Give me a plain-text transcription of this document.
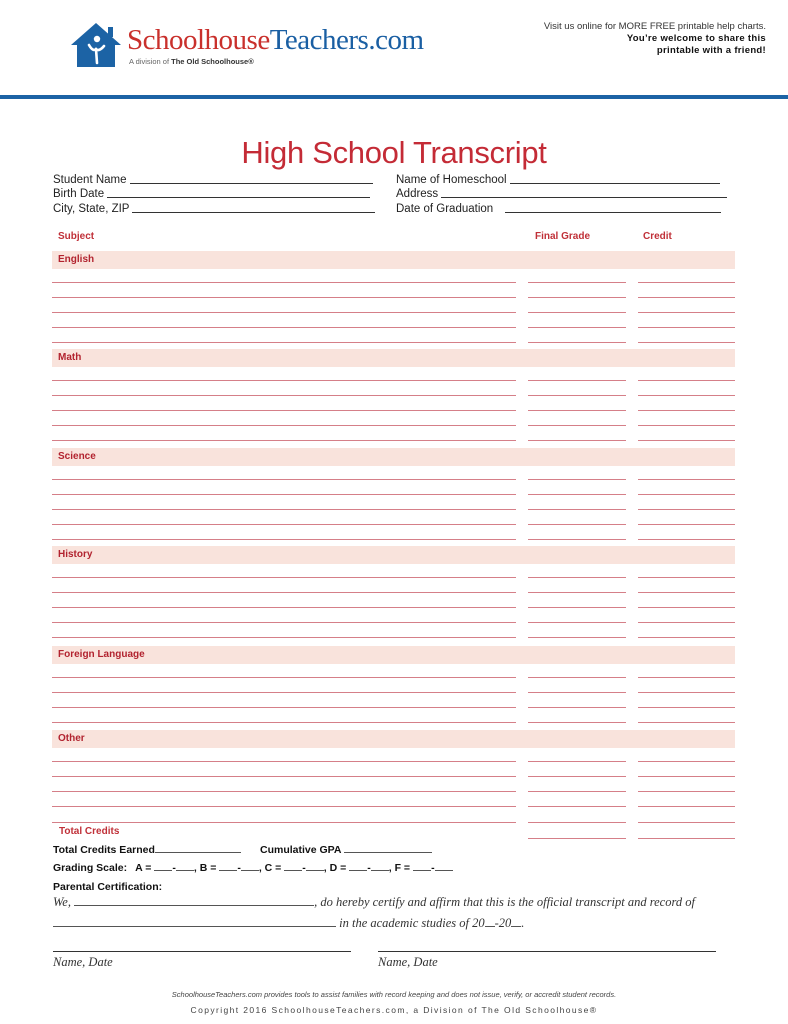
SchoolhouseTeachers.com
A division of The Old Schoolhouse®
Visit us online for MORE FREE printable help charts.
You’re welcome to share this
printable with a friend!
High School Transcript
Student Name
Birth Date
City, State, ZIP
Name of Homeschool
Address
Date of Graduation
Subject	Final Grade	Credit
English
Math
Science
History
Foreign Language
Other
Total Credits
Total Credits Earned	Cumulative GPA
Grading Scale: A = - , B = - , C = - , D = - , F = -
Parental Certification:
We,	, do hereby certify and affirm that this is the official transcript and record of
in the academic studies of 20 -20 .
Name, Date	Name, Date
SchoolhouseTeachers.com provides tools to assist families with record keeping and does not issue, verify, or accredit student records.
Copyright 2016 SchoolhouseTeachers.com, a Division of The Old Schoolhouse®
